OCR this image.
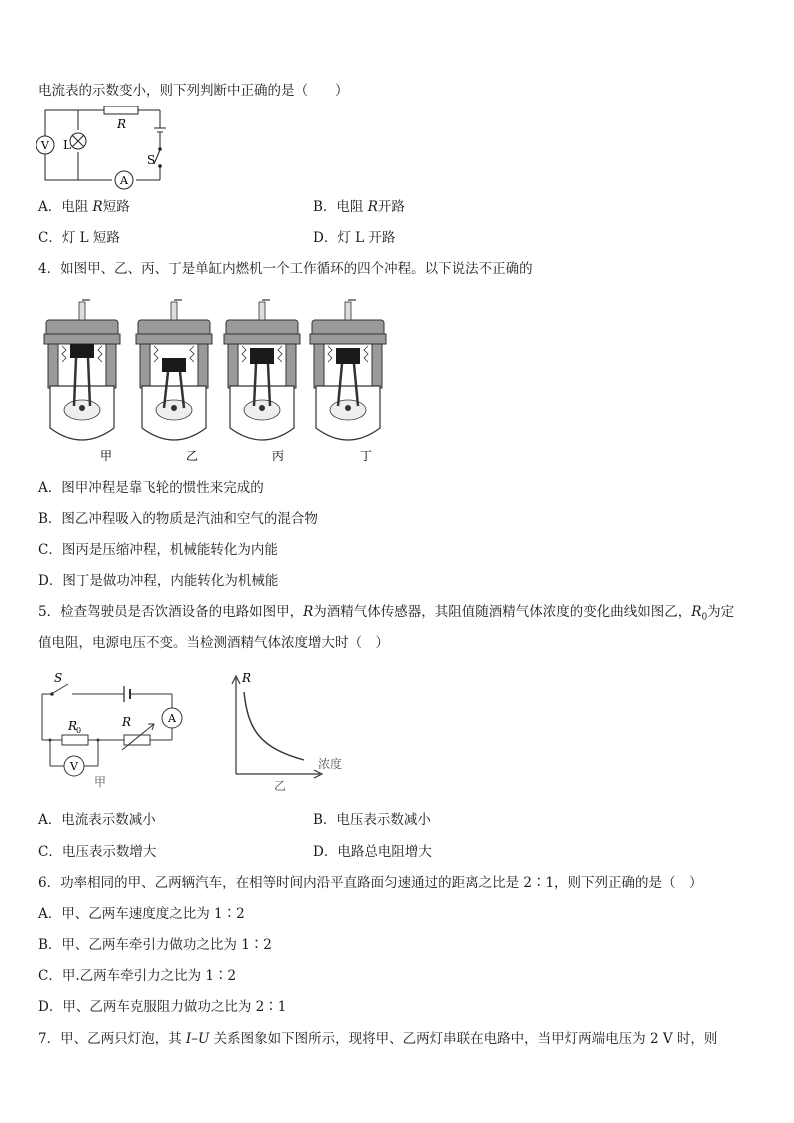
电流表的示数变小，则下列判断中正确的是（　　）
V
A
L
R
S
A．电阻 R短路	B．电阻 R开路
C．灯 L 短路	D．灯 L 开路
4．如图甲、乙、丙、丁是单缸内燃机一个工作循环的四个冲程。以下说法不正确的
甲	乙	丙	丁
A．图甲冲程是靠飞轮的惯性来完成的
B．图乙冲程吸入的物质是汽油和空气的混合物
C．图丙是压缩冲程，机械能转化为内能
D．图丁是做功冲程，内能转化为机械能
5．检查驾驶员是否饮酒设备的电路如图甲，R为酒精气体传感器，其阻值随酒精气体浓度的变化曲线如图乙，$R_0$为定
值电阻，电源电压不变。当检测酒精气体浓度增大时（　）
S
R
0
R	A
V
甲
R
浓度
乙
A．电流表示数减小	B．电压表示数减小
C．电压表示数增大	D．电路总电阻增大
6．功率相同的甲、乙两辆汽车，在相等时间内沿平直路面匀速通过的距离之比是 2∶1，则下列正确的是（　）
A．甲、乙两车速度度之比为 1∶2
B．甲、乙两车牵引力做功之比为 1∶2
C．甲.乙两车牵引力之比为 1∶2
D．甲、乙两车克服阻力做功之比为 2∶1
7．甲、乙两只灯泡，其 I–U 关系图象如下图所示，现将甲、乙两灯串联在电路中，当甲灯两端电压为 2 V 时，则
